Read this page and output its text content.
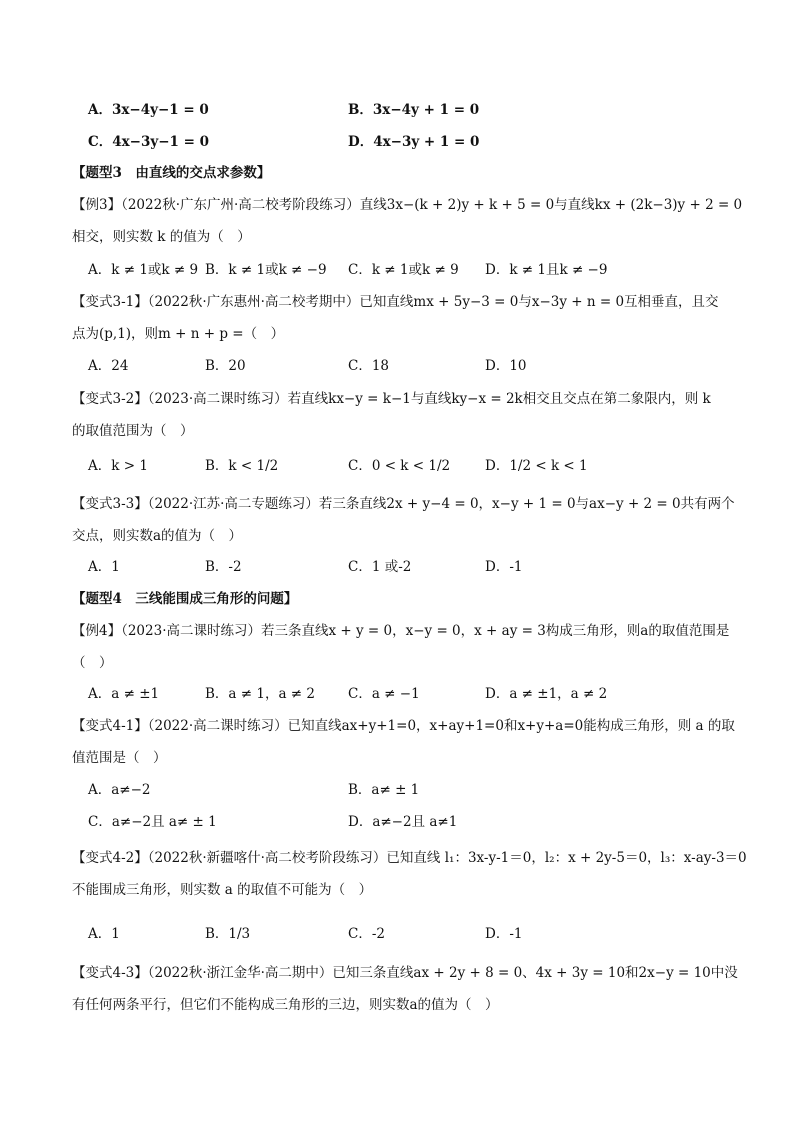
A．3x−4y−1 = 0	B．3x−4y + 1 = 0
C．4x−3y−1 = 0	D．4x−3y + 1 = 0
【题型3　由直线的交点求参数】
【例3】（2022秋·广东广州·高二校考阶段练习）直线3x−(k + 2)y + k + 5 = 0与直线kx + (2k−3)y + 2 = 0
相交，则实数 k 的值为（　）
A．k ≠ 1或k ≠ 9 B．k ≠ 1或k ≠ −9 C．k ≠ 1或k ≠ 9 D．k ≠ 1且k ≠ −9
【变式3-1】（2022秋·广东惠州·高二校考期中）已知直线mx + 5y−3 = 0与x−3y + n = 0互相垂直，且交
点为(p,1)，则m + n + p =（　）
A．24	B．20	C．18	D．10
【变式3-2】（2023·高二课时练习）若直线kx−y = k−1与直线ky−x = 2k相交且交点在第二象限内，则 k
的取值范围为（　）
A．k > 1	B．k < 1/2	C．0 < k < 1/2	D．1/2 < k < 1
【变式3-3】（2022·江苏·高二专题练习）若三条直线2x + y−4 = 0，x−y + 1 = 0与ax−y + 2 = 0共有两个
交点，则实数a的值为（　）
A．1	B．-2	C．1 或-2	D．-1
【题型4　三线能围成三角形的问题】
【例4】（2023·高二课时练习）若三条直线x + y = 0，x−y = 0，x + ay = 3构成三角形，则a的取值范围是
（　）
A．a ≠ ±1	B．a ≠ 1，a ≠ 2 C．a ≠ −1	D．a ≠ ±1，a ≠ 2
【变式4-1】（2022·高二课时练习）已知直线ax+y+1=0，x+ay+1=0和x+y+a=0能构成三角形，则 a 的取
值范围是（　）
A．a≠−2	B．a≠ ± 1
C．a≠−2且 a≠ ± 1	D．a≠−2且 a≠1
【变式4-2】（2022秋·新疆喀什·高二校考阶段练习）已知直线 l₁：3x-y-1＝0，l₂：x + 2y-5＝0，l₃：x-ay-3＝0
不能围成三角形，则实数 a 的取值不可能为（　）
A．1	B．1/3	C．-2	D．-1
【变式4-3】（2022秋·浙江金华·高二期中）已知三条直线ax + 2y + 8 = 0、4x + 3y = 10和2x−y = 10中没
有任何两条平行，但它们不能构成三角形的三边，则实数a的值为（　）
